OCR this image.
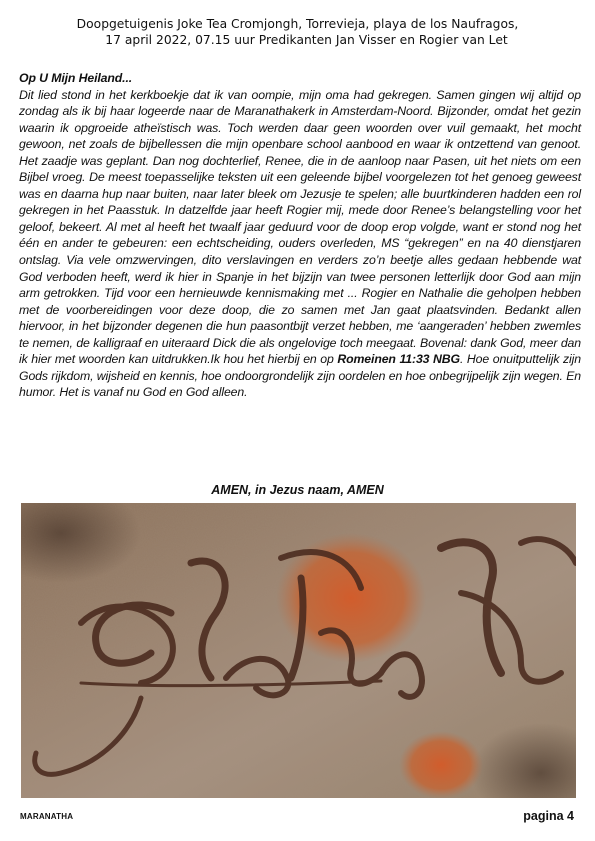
Doopgetuigenis Joke Tea Cromjongh, Torrevieja, playa de los Naufragos,

17 april 2022, 07.15 uur Predikanten Jan Visser en Rogier van Let
Op U Mijn Heiland...
Dit lied stond in het kerkboekje dat ik van oompie, mijn oma had gekregen. Samen gingen wij altijd op zondag als ik bij haar logeerde naar de Maranathakerk in Amsterdam-Noord. Bijzonder, omdat het gezin waarin ik opgroeide atheïstisch was. Toch werden daar geen woorden over vuil gemaakt, het mocht gewoon, net zoals de bijbellessen die mijn openbare school aanbood en waar ik ontzettend van genoot. Het zaadje was geplant. Dan nog dochterlief, Renee, die in de aanloop naar Pasen, uit het niets om een Bijbel vroeg. De meest toepasselijke teksten uit een geleende bijbel voorgelezen tot het genoeg geweest was en daarna hup naar buiten, naar later bleek om Jezusje te spelen; alle buurtkinderen hadden een rol gekregen in het Paasstuk. In datzelfde jaar heeft Rogier mij, mede door Renee’s belangstelling voor het geloof, bekeert. Al met al heeft het twaalf jaar geduurd voor de doop erop volgde, want er stond nog het één en ander te gebeuren: een echtscheiding, ouders overleden, MS “gekregen” en na 40 dienstjaren ontslag. Via vele omzwervingen, dito verslavingen en verders zo’n beetje alles gedaan hebbende wat God verboden heeft, werd ik hier in Spanje in het bijzijn van twee personen letterlijk door God aan mijn arm getrokken. Tijd voor een hernieuwde kennismaking met ... Rogier en Nathalie die geholpen hebben met de voorbereidingen voor deze doop, die zo samen met Jan gaat plaatsvinden. Bedankt allen hiervoor, in het bijzonder degenen die hun paasontbijt verzet hebben, me ‘aangeraden’ hebben zwemles te nemen, de kalligraaf en uiteraard Dick die als ongelovige toch meegaat. Bovenal: dank God, meer dan ik hier met woorden kan uitdrukken.Ik hou het hierbij en op Romeinen 11:33 NBG. Hoe onuitputtelijk zijn Gods rijkdom, wijsheid en kennis, hoe ondoorgrondelijk zijn oordelen en hoe onbegrijpelijk zijn wegen. En humor. Het is vanaf nu God en God alleen.
AMEN, in Jezus naam, AMEN
MARANATHA	pagina 4
